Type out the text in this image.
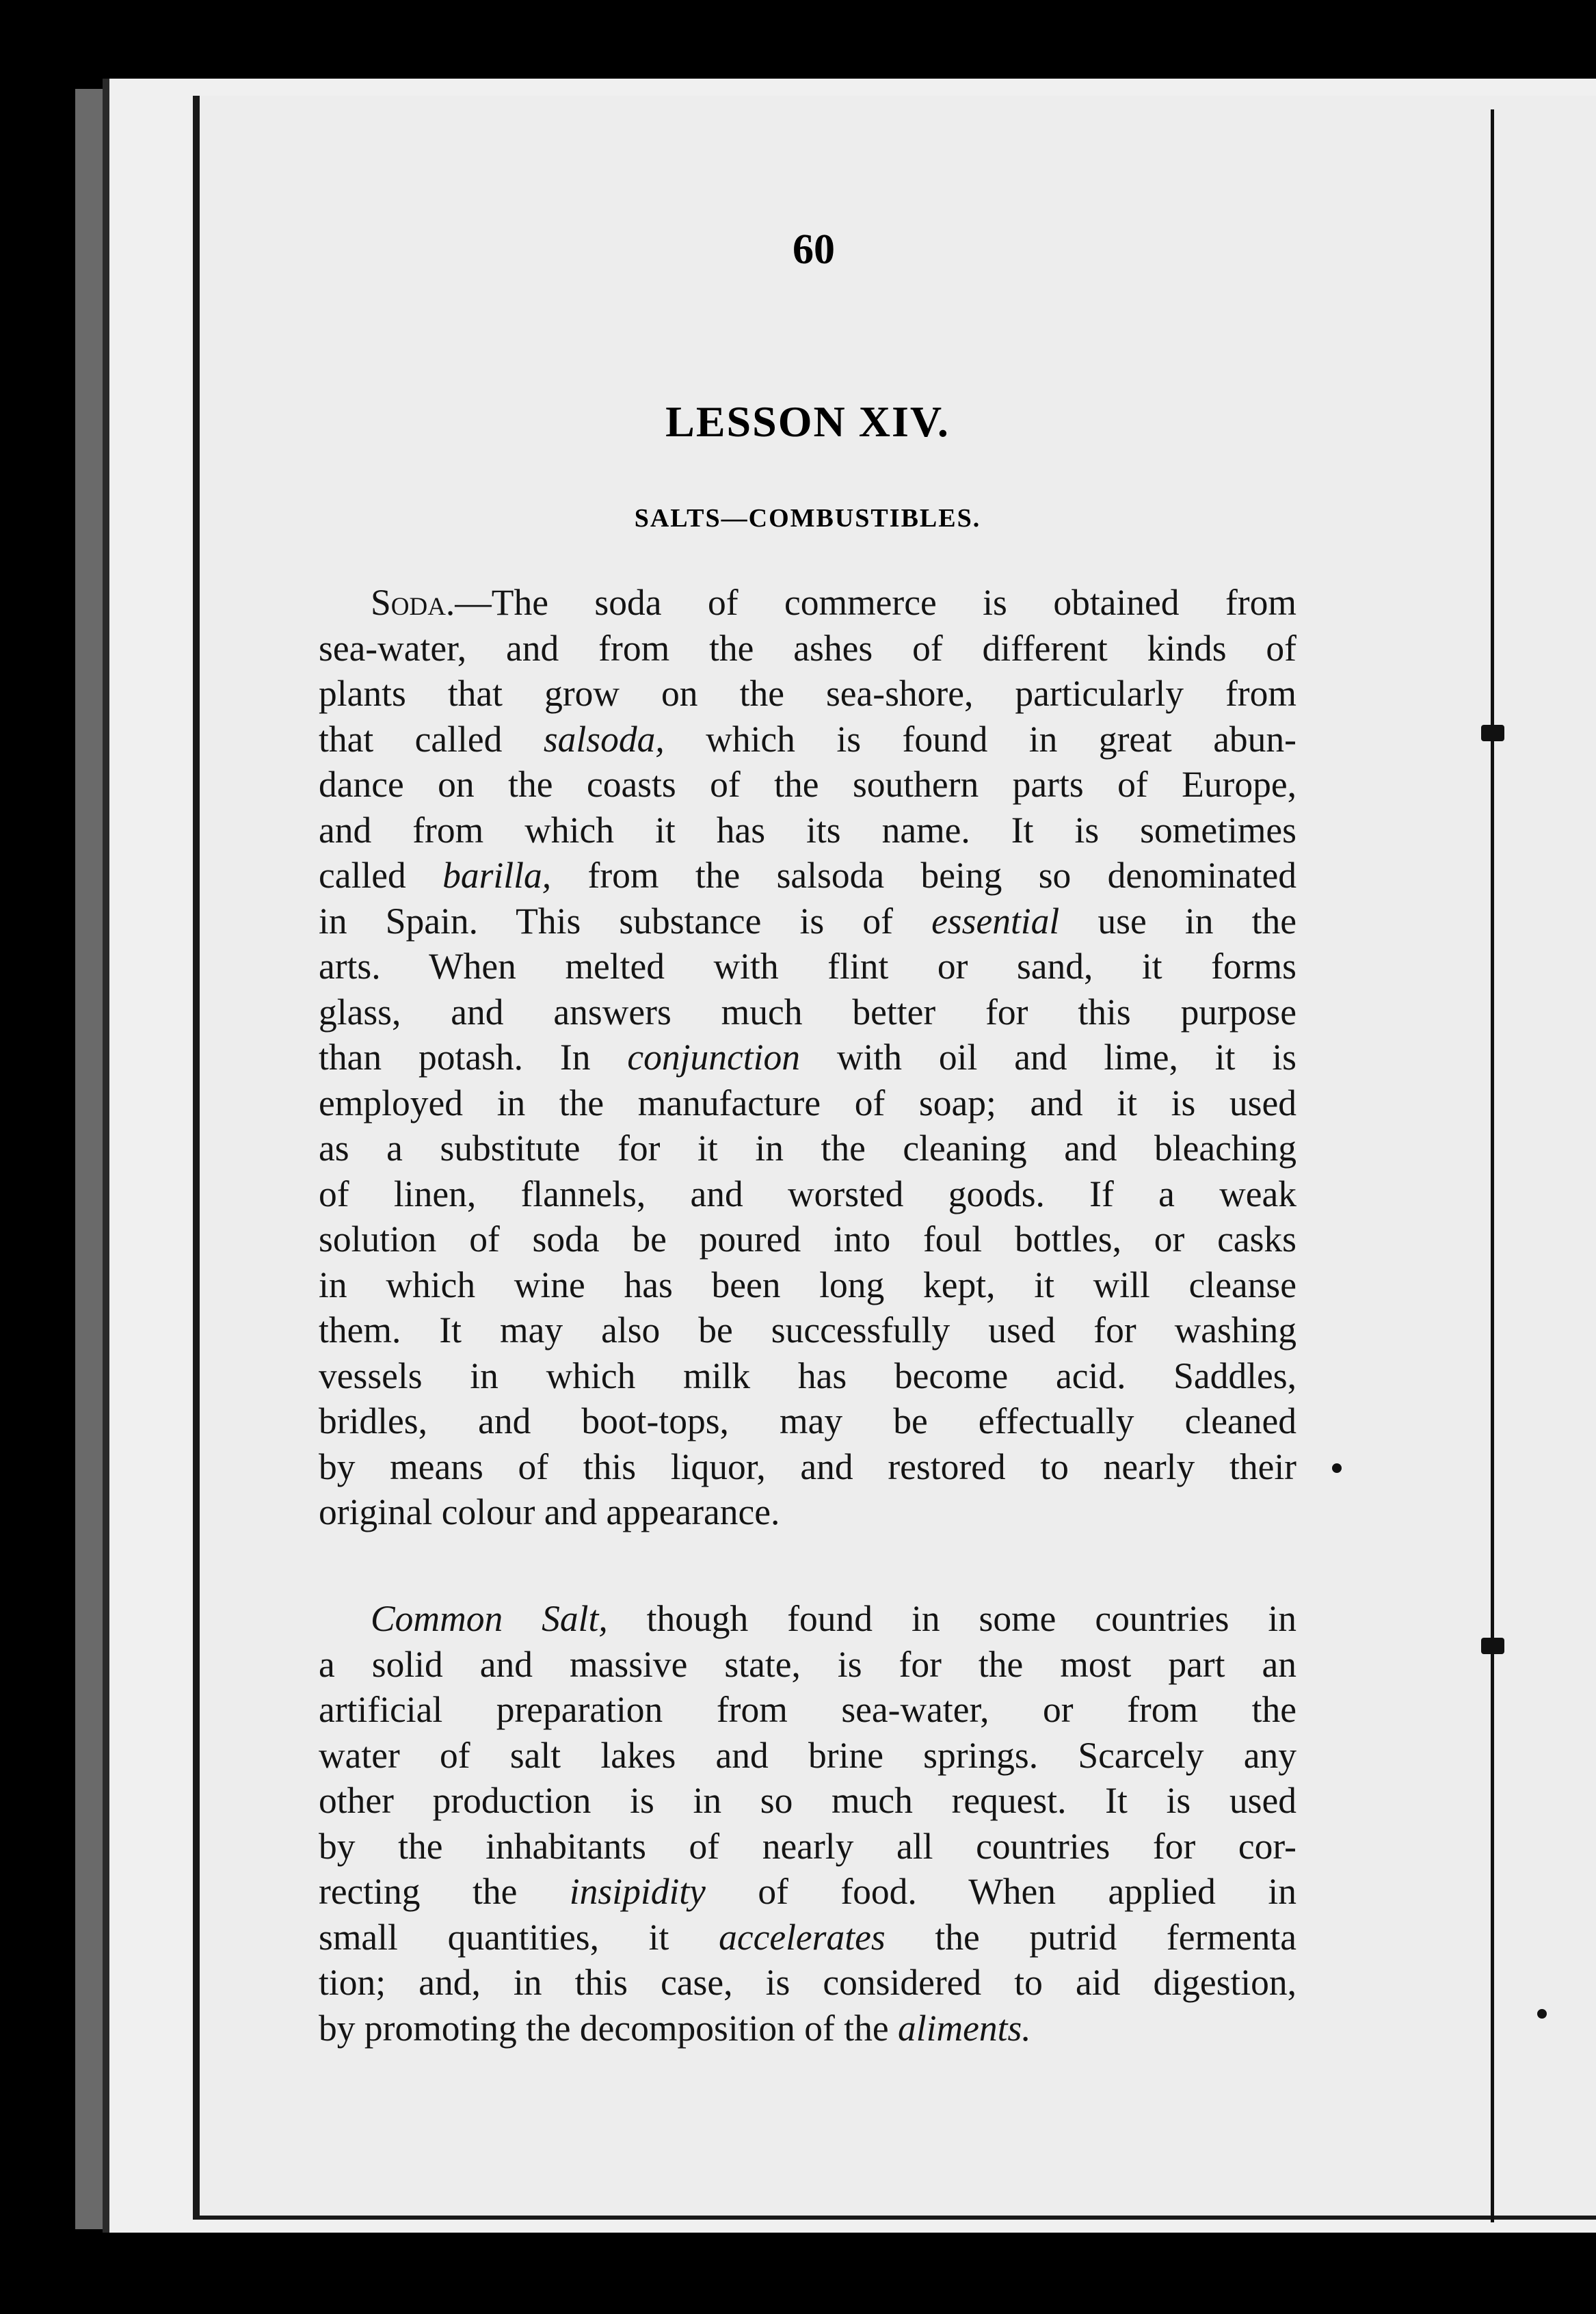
60
LESSON XIV.
SALTS—COMBUSTIBLES.
Soda.—The soda of commerce is obtained from
sea-water, and from the ashes of different kinds of
plants that grow on the sea-shore, particularly from
that called salsoda, which is found in great abun-
dance on the coasts of the southern parts of Europe,
and from which it has its name. It is sometimes
called barilla, from the salsoda being so denominated
in Spain. This substance is of essential use in the
arts. When melted with flint or sand, it forms
glass, and answers much better for this purpose
than potash. In conjunction with oil and lime, it is
employed in the manufacture of soap; and it is used
as a substitute for it in the cleaning and bleaching
of linen, flannels, and worsted goods. If a weak
solution of soda be poured into foul bottles, or casks
in which wine has been long kept, it will cleanse
them. It may also be successfully used for washing
vessels in which milk has become acid. Saddles,
bridles, and boot-tops, may be effectually cleaned
by means of this liquor, and restored to nearly their
original colour and appearance.
Common Salt, though found in some countries in
a solid and massive state, is for the most part an
artificial preparation from sea-water, or from the
water of salt lakes and brine springs. Scarcely any
other production is in so much request. It is used
by the inhabitants of nearly all countries for cor-
recting the insipidity of food. When applied in
small quantities, it accelerates the putrid fermenta
tion; and, in this case, is considered to aid digestion,
by promoting the decomposition of the aliments.
